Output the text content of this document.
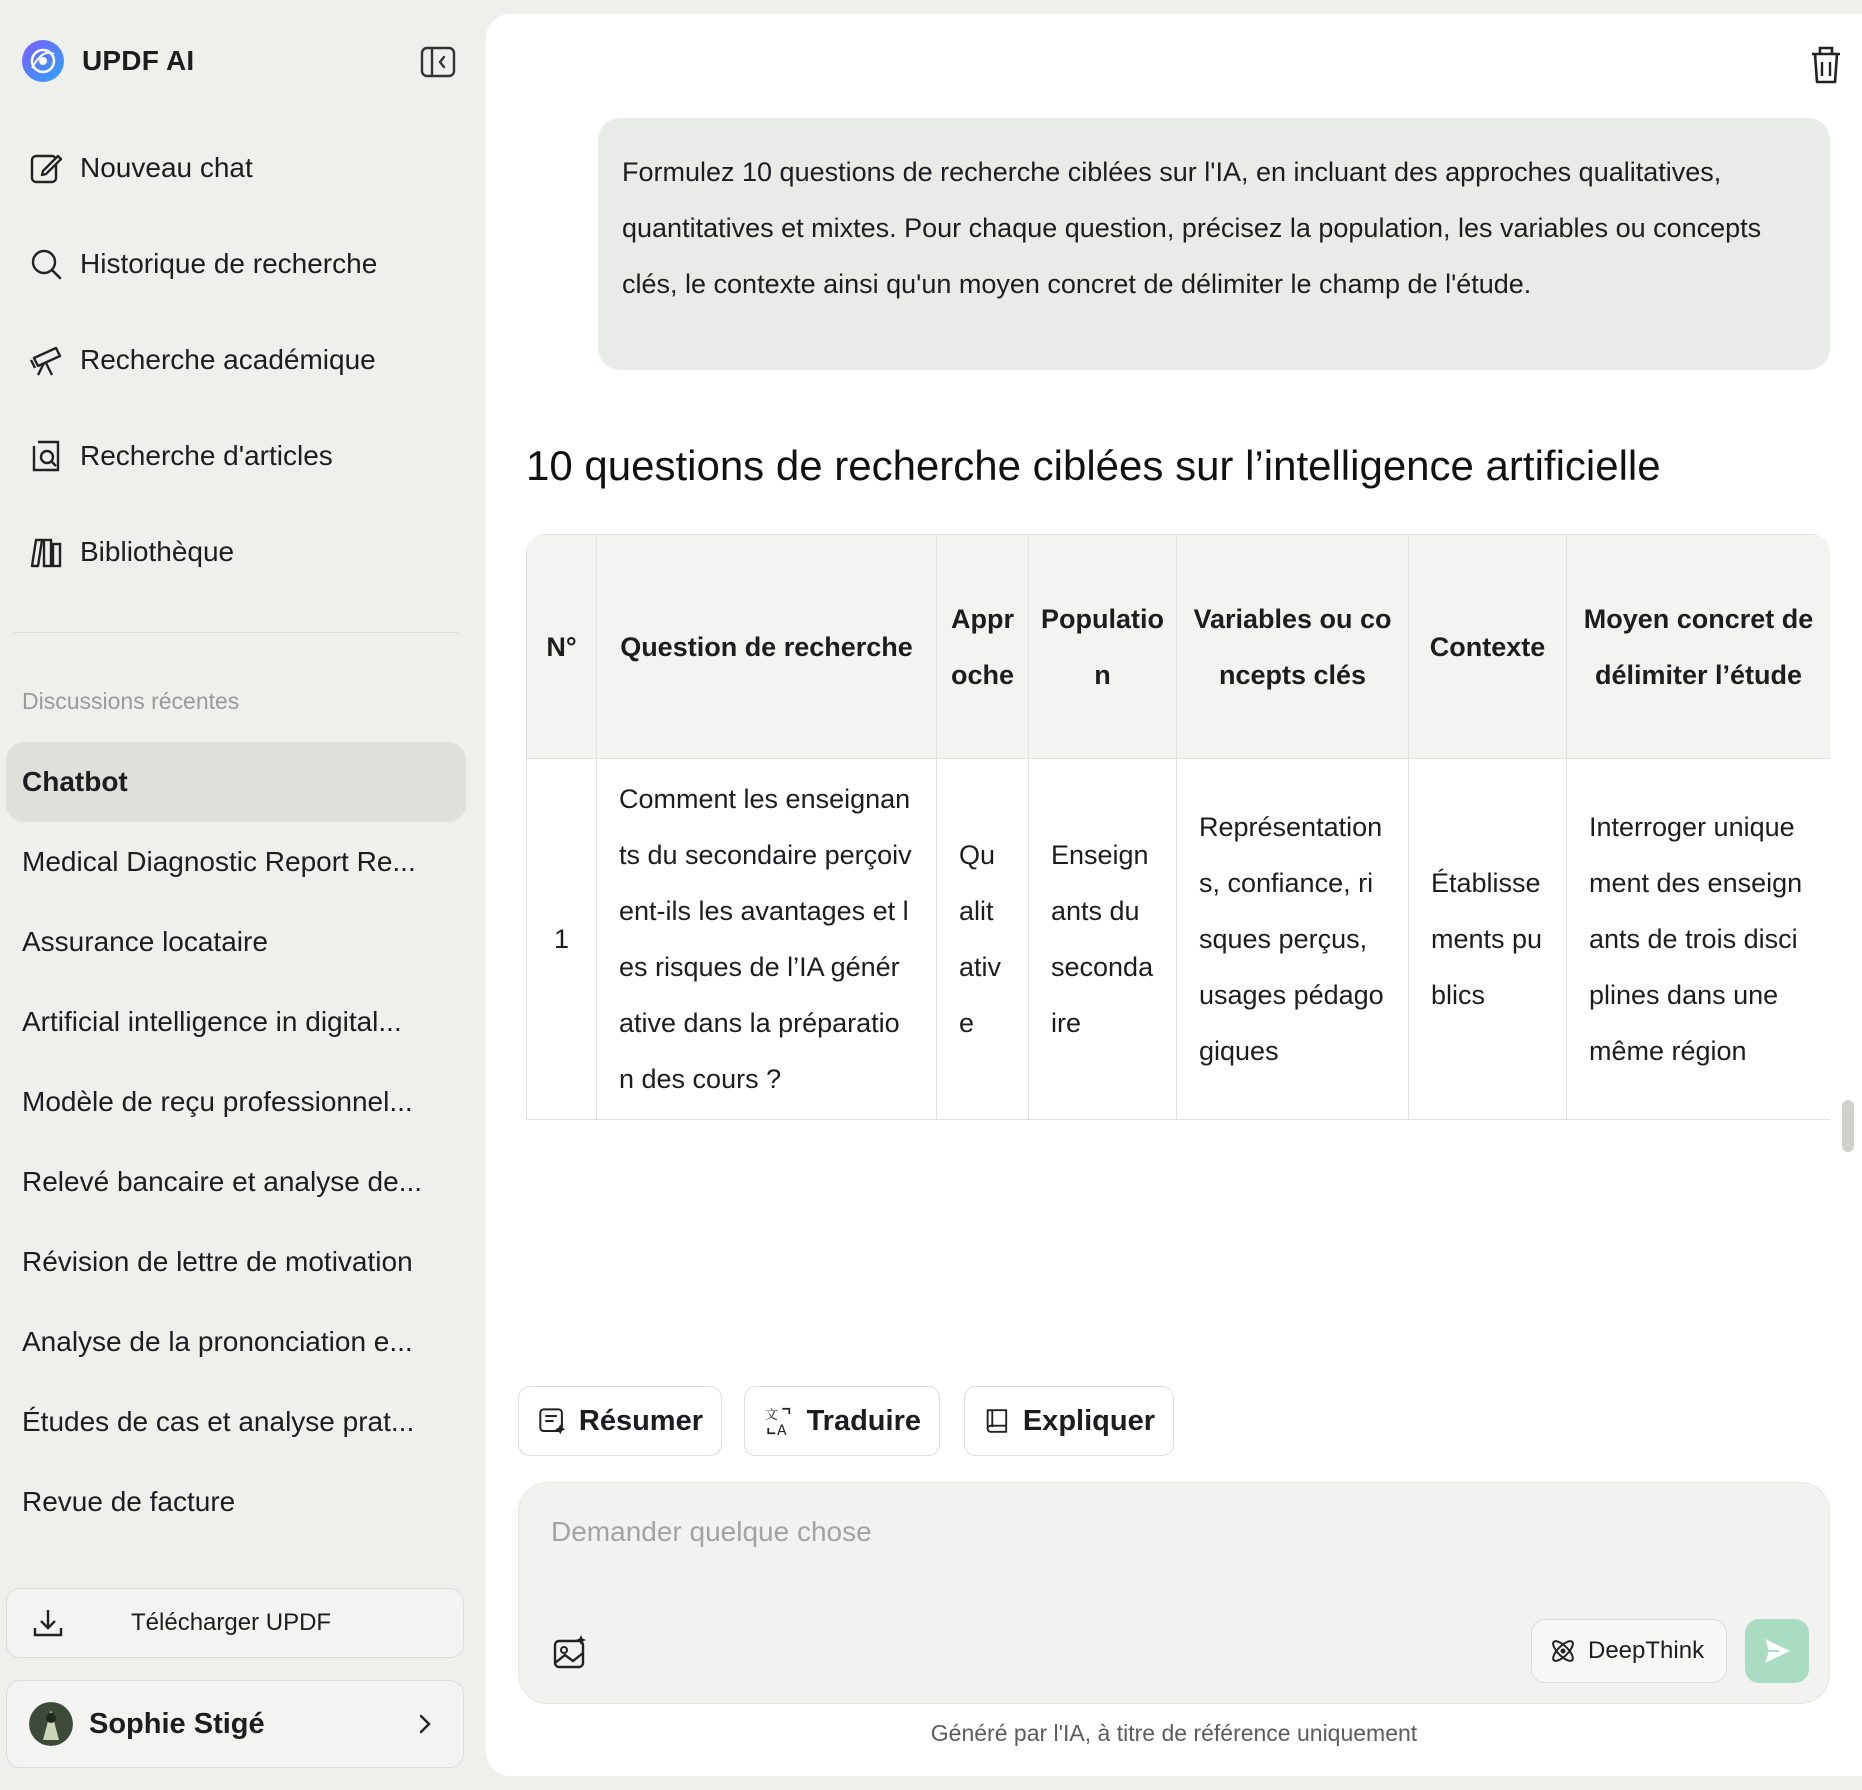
UPDF AI
Nouveau chat
Historique de recherche
Recherche académique
Recherche d'articles
Bibliothèque
Discussions récentes
Chatbot
Medical Diagnostic Report Re...
Assurance locataire
Artificial intelligence in digital...
Modèle de reçu professionnel...
Relevé bancaire et analyse de...
Révision de lettre de motivation
Analyse de la prononciation e...
Études de cas et analyse prat...
Revue de facture
Télécharger UPDF
Sophie Stigé
Formulez 10 questions de recherche ciblées sur l'IA, en incluant des approches qualitatives, quantitatives et mixtes. Pour chaque question, précisez la population, les variables ou concepts clés, le contexte ainsi qu'un moyen concret de délimiter le champ de l'étude.
10 questions de recherche ciblées sur l’intelligence artificielle
N°	Question de recherche	Approche	Population	Variables ou concepts clés	Contexte	Moyen concret de délimiter l’étude
1	Comment les enseignants du secondaire perçoivent-ils les avantages et les risques de l’IA générative dans la préparation des cours ?	Qualitative	Enseignants du secondaire	Représentations, confiance, risques perçus, usages pédagogiques	Établissements publics	Interroger uniquement des enseignants de trois disciplines dans une même région
Résumer	文
A Traduire	Expliquer
Demander quelque chose
DeepThink
Généré par l'IA, à titre de référence uniquement
